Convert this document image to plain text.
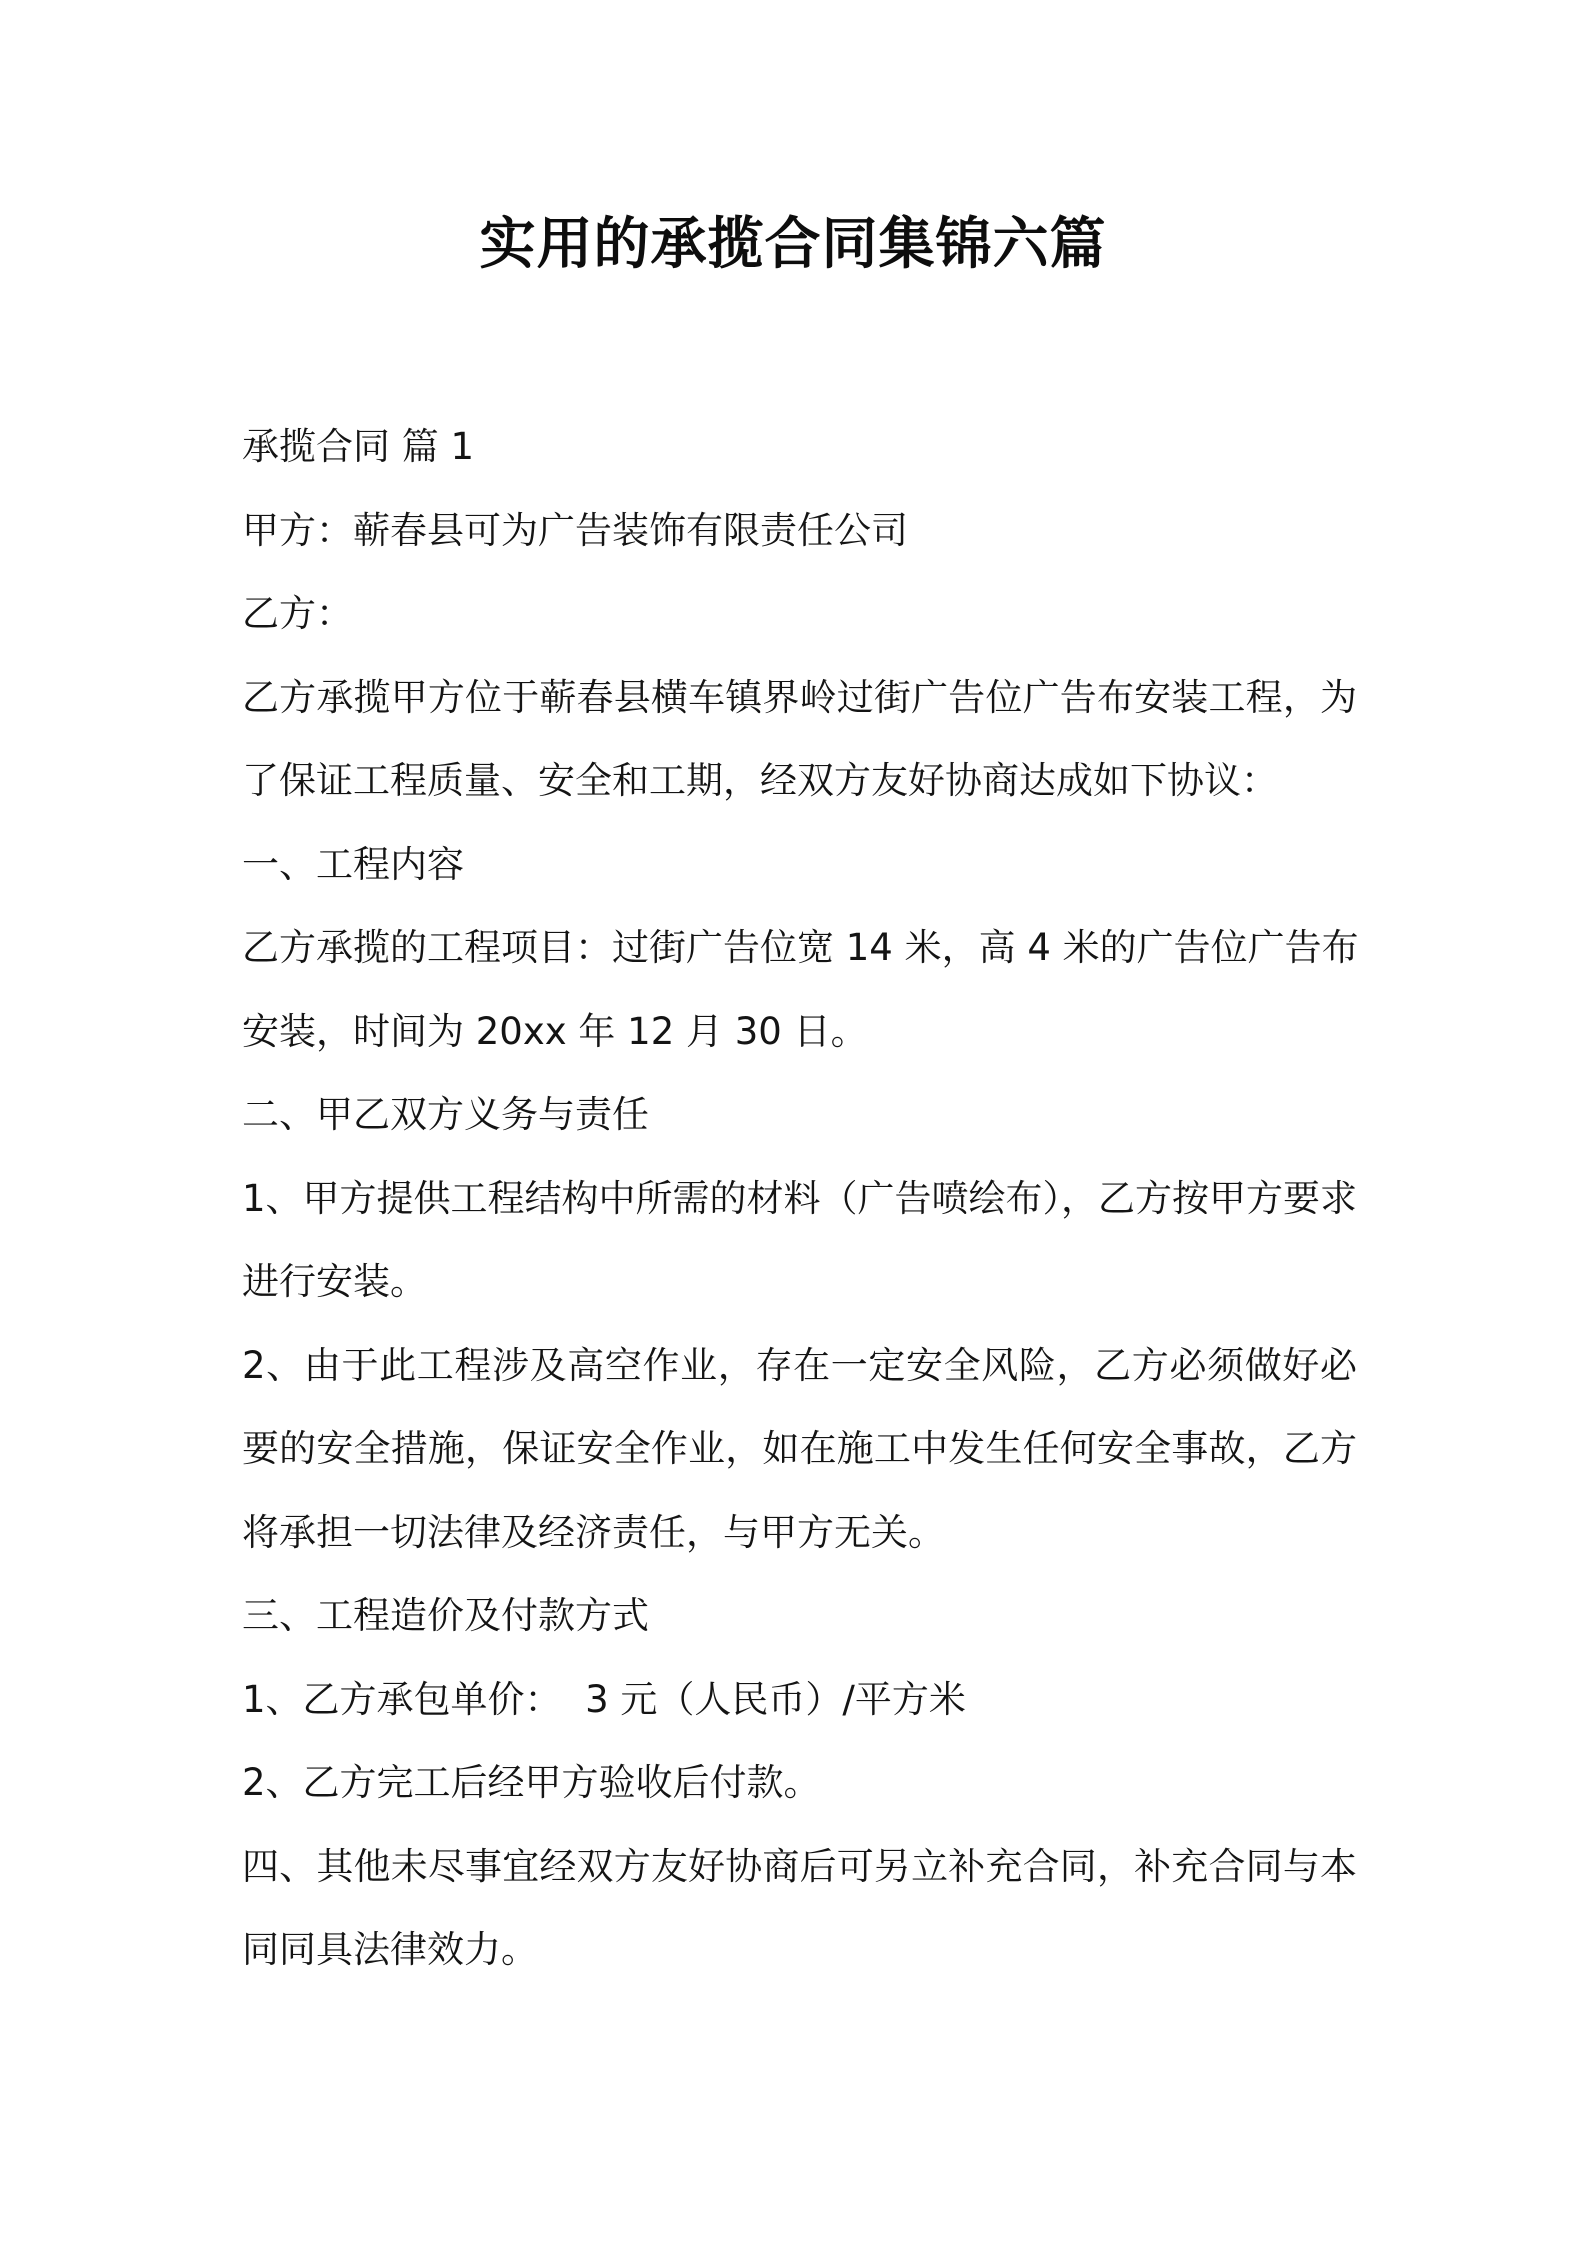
实用的承揽合同集锦六篇
承揽合同 篇 1
甲方：蕲春县可为广告装饰有限责任公司
乙方：
乙方承揽甲方位于蕲春县横车镇界岭过街广告位广告布安装工程，为
了保证工程质量、安全和工期，经双方友好协商达成如下协议：
一、工程内容
乙方承揽的工程项目：过街广告位宽 14 米，高 4 米的广告位广告布
安装，时间为 20xx 年 12 月 30 日。
二、甲乙双方义务与责任
1、甲方提供工程结构中所需的材料（广告喷绘布），乙方按甲方要求
进行安装。
2、由于此工程涉及高空作业，存在一定安全风险，乙方必须做好必
要的安全措施，保证安全作业，如在施工中发生任何安全事故，乙方
将承担一切法律及经济责任，与甲方无关。
三、工程造价及付款方式
1、乙方承包单价：  3 元（人民币）/平方米
2、乙方完工后经甲方验收后付款。
四、其他未尽事宜经双方友好协商后可另立补充合同，补充合同与本
同同具法律效力。
